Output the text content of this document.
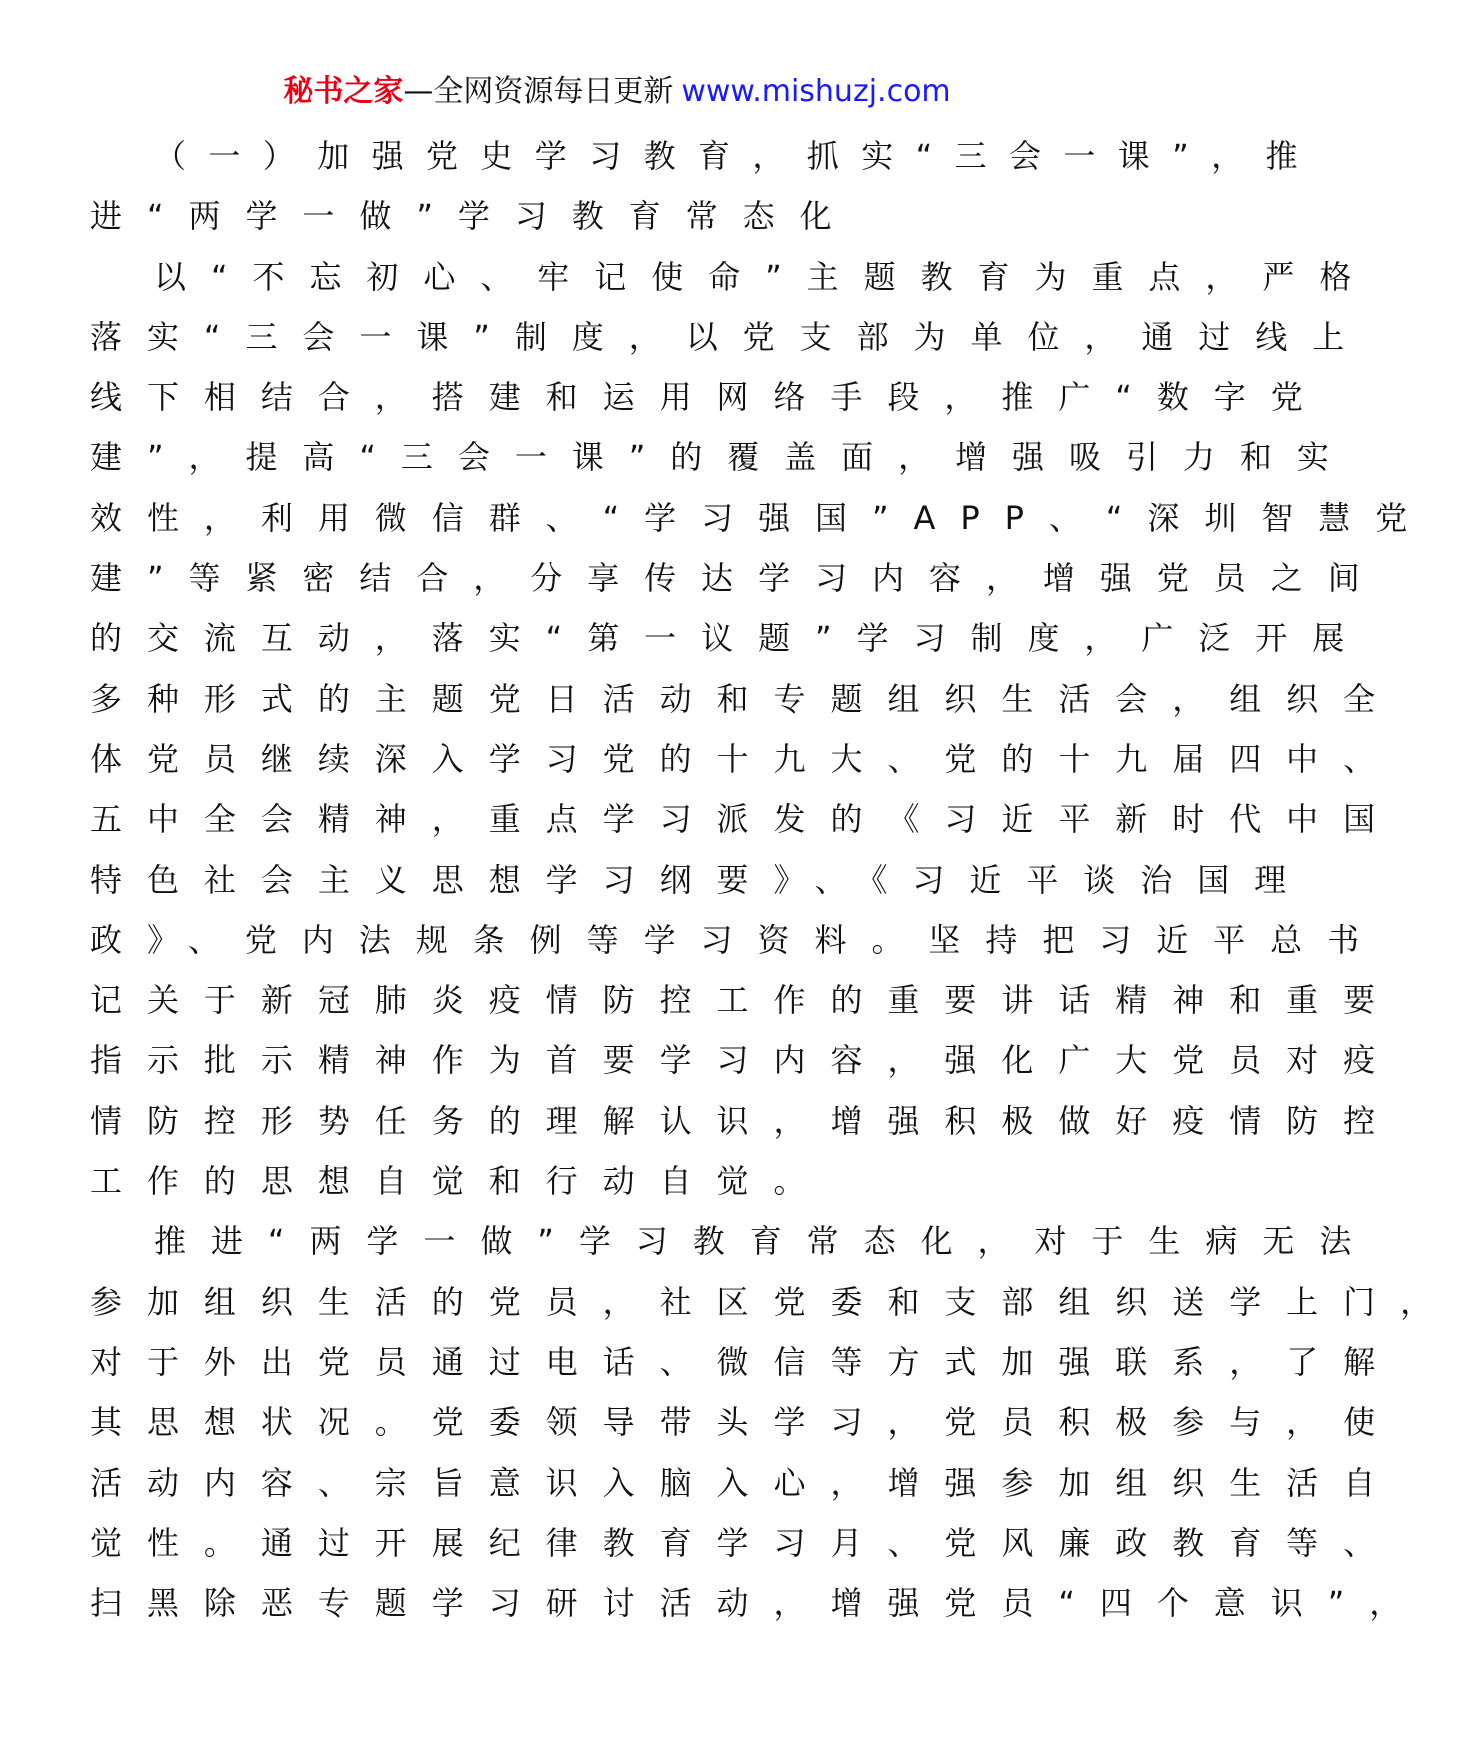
秘书之家—全网资源每日更新 www.mishuzj.com
（一）加强党史学习教育，抓实“三会一课”，推
进“两学一做”学习教育常态化
以“不忘初心、牢记使命”主题教育为重点，严格
落实“三会一课”制度，以党支部为单位，通过线上
线下相结合，搭建和运用网络手段，推广“数字党
建”，提高“三会一课”的覆盖面，增强吸引力和实
效性，利用微信群、“学习强国”APP、“深圳智慧党
建”等紧密结合，分享传达学习内容，增强党员之间
的交流互动，落实“第一议题”学习制度，广泛开展
多种形式的主题党日活动和专题组织生活会，组织全
体党员继续深入学习党的十九大、党的十九届四中、
五中全会精神，重点学习派发的《习近平新时代中国
特色社会主义思想学习纲要》、《习近平谈治国理
政》、党内法规条例等学习资料。坚持把习近平总书
记关于新冠肺炎疫情防控工作的重要讲话精神和重要
指示批示精神作为首要学习内容，强化广大党员对疫
情防控形势任务的理解认识，增强积极做好疫情防控
工作的思想自觉和行动自觉。
推进“两学一做”学习教育常态化，对于生病无法
参加组织生活的党员，社区党委和支部组织送学上门，
对于外出党员通过电话、微信等方式加强联系，了解
其思想状况。党委领导带头学习，党员积极参与，使
活动内容、宗旨意识入脑入心，增强参加组织生活自
觉性。通过开展纪律教育学习月、党风廉政教育等、
扫黑除恶专题学习研讨活动，增强党员“四个意识”，
